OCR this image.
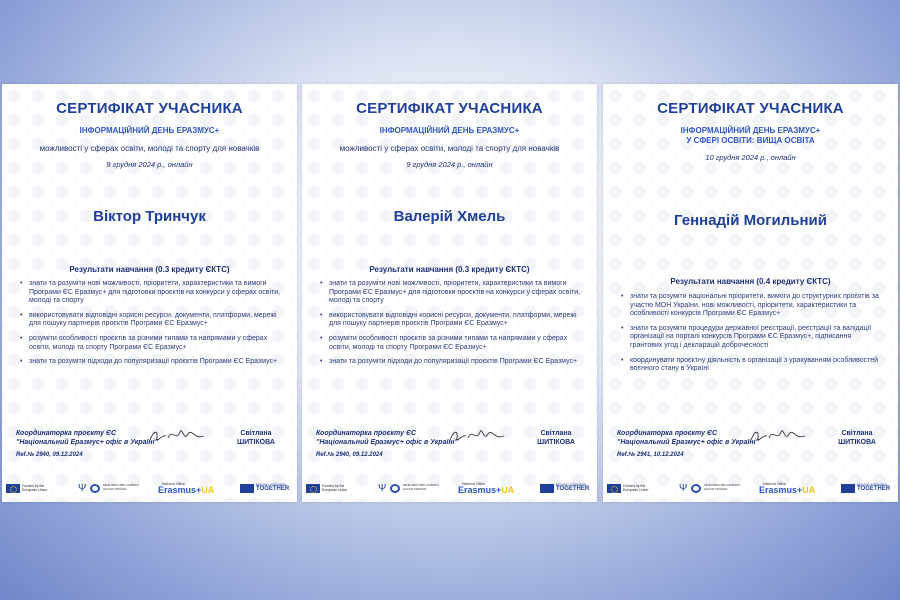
СЕРТИФІКАТ УЧАСНИКА
ІНФОРМАЦІЙНИЙ ДЕНЬ ЕРАЗМУС+
можливості у сферах освіти, молоді та спорту для новачків
9 грудня 2024 р., онлайн
Віктор Тринчук
Результати навчання (0.3 кредиту ЄКТС)
• знати та розуміти нові можливості, пріоритети, характеристики та вимоги Програми ЄС Еразмус+ для підготовки проєктів на конкурси у сферах освіти, молоді та спорту
• використовувати відповідні корисні ресурси, документи, платформи, мережі для пошуку партнерів проєктів Програми ЄС Еразмус+
• розуміти особливості проєктів за різними типами та напрямами у сферах освіти, молоді та спорту Програми ЄС Еразмус+
• знати та розуміти підходи до популяризації проєктів Програми ЄС Еразмус+
Координаторка проєкту ЄС
"Національний Еразмус+ офіс в Україні"
Світлана
ШИТІКОВА
Ref.№ 2940, 09.12.2024
Funded by the European Union	Ψ	МІНІСТЕРСТВО ОСВІТИ І НАУКИ УКРАЇНИ
National Office
Erasmus+UA	MOVING FORWARD
TOGETHER
СЕРТИФІКАТ УЧАСНИКА
ІНФОРМАЦІЙНИЙ ДЕНЬ ЕРАЗМУС+
можливості у сферах освіти, молоді та спорту для новачків
9 грудня 2024 р., онлайн
Валерій Хмель
Результати навчання (0.3 кредиту ЄКТС)
• знати та розуміти нові можливості, пріоритети, характеристики та вимоги Програми ЄС Еразмус+ для підготовки проєктів на конкурси у сферах освіти, молоді та спорту
• використовувати відповідні корисні ресурси, документи, платформи, мережі для пошуку партнерів проєктів Програми ЄС Еразмус+
• розуміти особливості проєктів за різними типами та напрямами у сферах освіти, молоді та спорту Програми ЄС Еразмус+
• знати та розуміти підходи до популяризації проєктів Програми ЄС Еразмус+
Координаторка проєкту ЄС
"Національний Еразмус+ офіс в Україні"
Світлана
ШИТІКОВА
Ref.№ 2940, 09.12.2024
Funded by the European Union	Ψ	МІНІСТЕРСТВО ОСВІТИ І НАУКИ УКРАЇНИ
National Office
Erasmus+UA	MOVING FORWARD
TOGETHER
СЕРТИФІКАТ УЧАСНИКА
ІНФОРМАЦІЙНИЙ ДЕНЬ ЕРАЗМУС+
У СФЕРІ ОСВІТИ: ВИЩА ОСВІТА
10 грудня 2024 р., онлайн
Геннадій Могильний
Результати навчання (0.4 кредиту ЄКТС)
• знати та розуміти національні пріоритети, вимоги до структурних проєктів за участю МОН України, нові можливості, пріоритети, характеристики та особливості конкурсів Програми ЄС Еразмус+
• знати та розуміти процедури державної реєстрації, реєстрації та валідації організації на порталі конкурсів Програми ЄС Еразмус+, підписання грантових угод і декларацій доброчесності
• координувати проєктну діяльність в організації з урахуванням особливостей воєнного стану в Україні
Координаторка проєкту ЄС
"Національний Еразмус+ офіс в Україні"
Світлана
ШИТІКОВА
Ref.№ 2941, 10.12.2024
Funded by the European Union	Ψ	МІНІСТЕРСТВО ОСВІТИ І НАУКИ УКРАЇНИ
National Office
Erasmus+UA	MOVING FORWARD
TOGETHER
